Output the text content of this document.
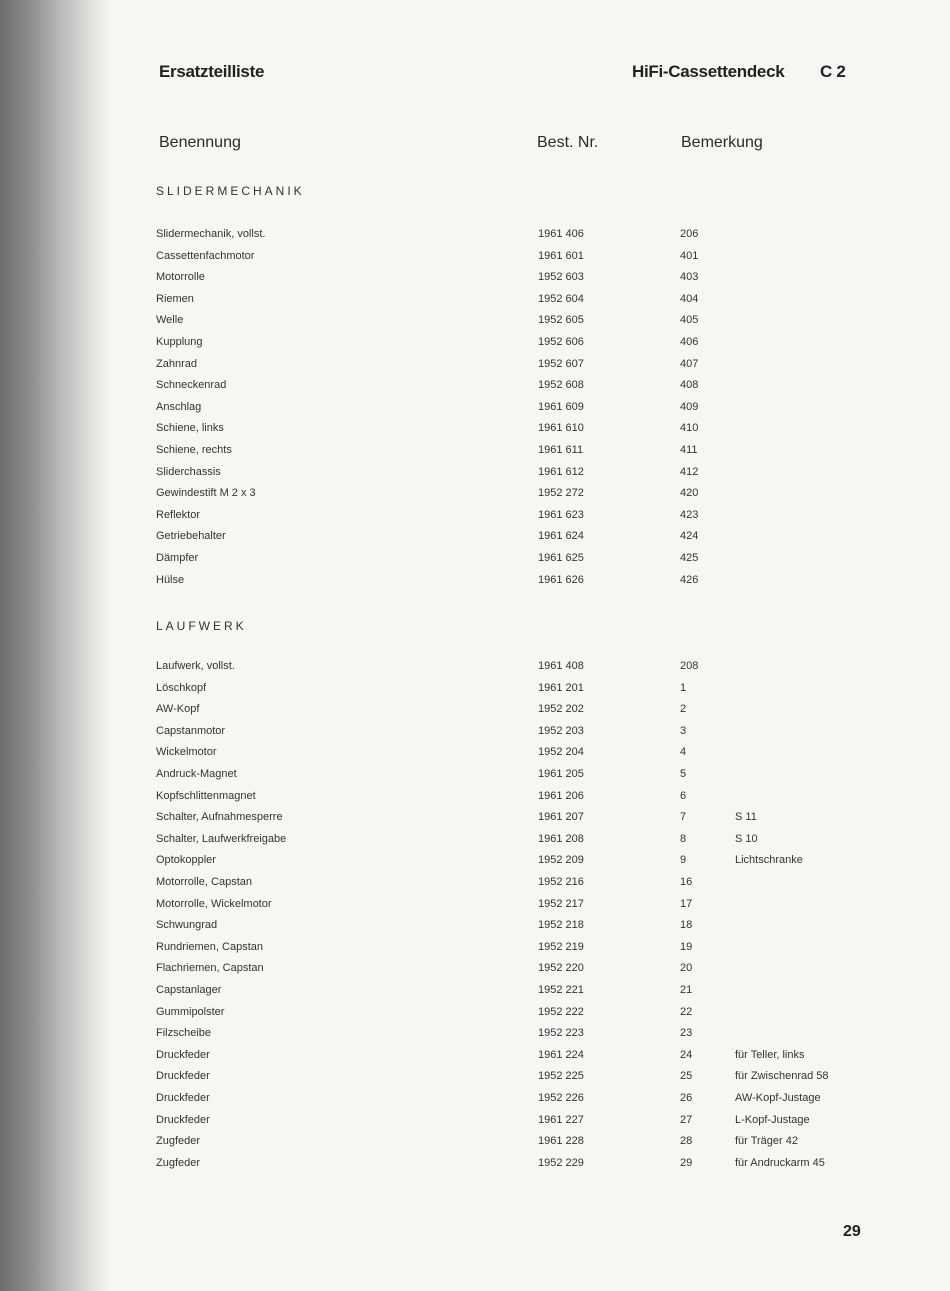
Ersatzteilliste	HiFi-Cassettendeck C 2
Benennung	Best. Nr.	Bemerkung
SLIDERMECHANIK
Slidermechanik, vollst.	1961 406	206
Cassettenfachmotor	1961 601	401
Motorrolle	1952 603	403
Riemen	1952 604	404
Welle	1952 605	405
Kupplung	1952 606	406
Zahnrad	1952 607	407
Schneckenrad	1952 608	408
Anschlag	1961 609	409
Schiene, links	1961 610	410
Schiene, rechts	1961 611	411
Sliderchassis	1961 612	412
Gewindestift M 2 x 3	1952 272	420
Reflektor	1961 623	423
Getriebehalter	1961 624	424
Dämpfer	1961 625	425
Hülse	1961 626	426
LAUFWERK
Laufwerk, vollst.	1961 408	208
Löschkopf	1961 201	1
AW-Kopf	1952 202	2
Capstanmotor	1952 203	3
Wickelmotor	1952 204	4
Andruck-Magnet	1961 205	5
Kopfschlittenmagnet	1961 206	6
Schalter, Aufnahmesperre	1961 207	7	S 11
Schalter, Laufwerkfreigabe	1961 208	8	S 10
Optokoppler	1952 209	9	Lichtschranke
Motorrolle, Capstan	1952 216	16
Motorrolle, Wickelmotor	1952 217	17
Schwungrad	1952 218	18
Rundriemen, Capstan	1952 219	19
Flachriemen, Capstan	1952 220	20
Capstanlager	1952 221	21
Gummipolster	1952 222	22
Filzscheibe	1952 223	23
Druckfeder	1961 224	24	für Teller, links
Druckfeder	1952 225	25	für Zwischenrad 58
Druckfeder	1952 226	26	AW-Kopf-Justage
Druckfeder	1961 227	27	L-Kopf-Justage
Zugfeder	1961 228	28	für Träger 42
Zugfeder	1952 229	29	für Andruckarm 45
29
